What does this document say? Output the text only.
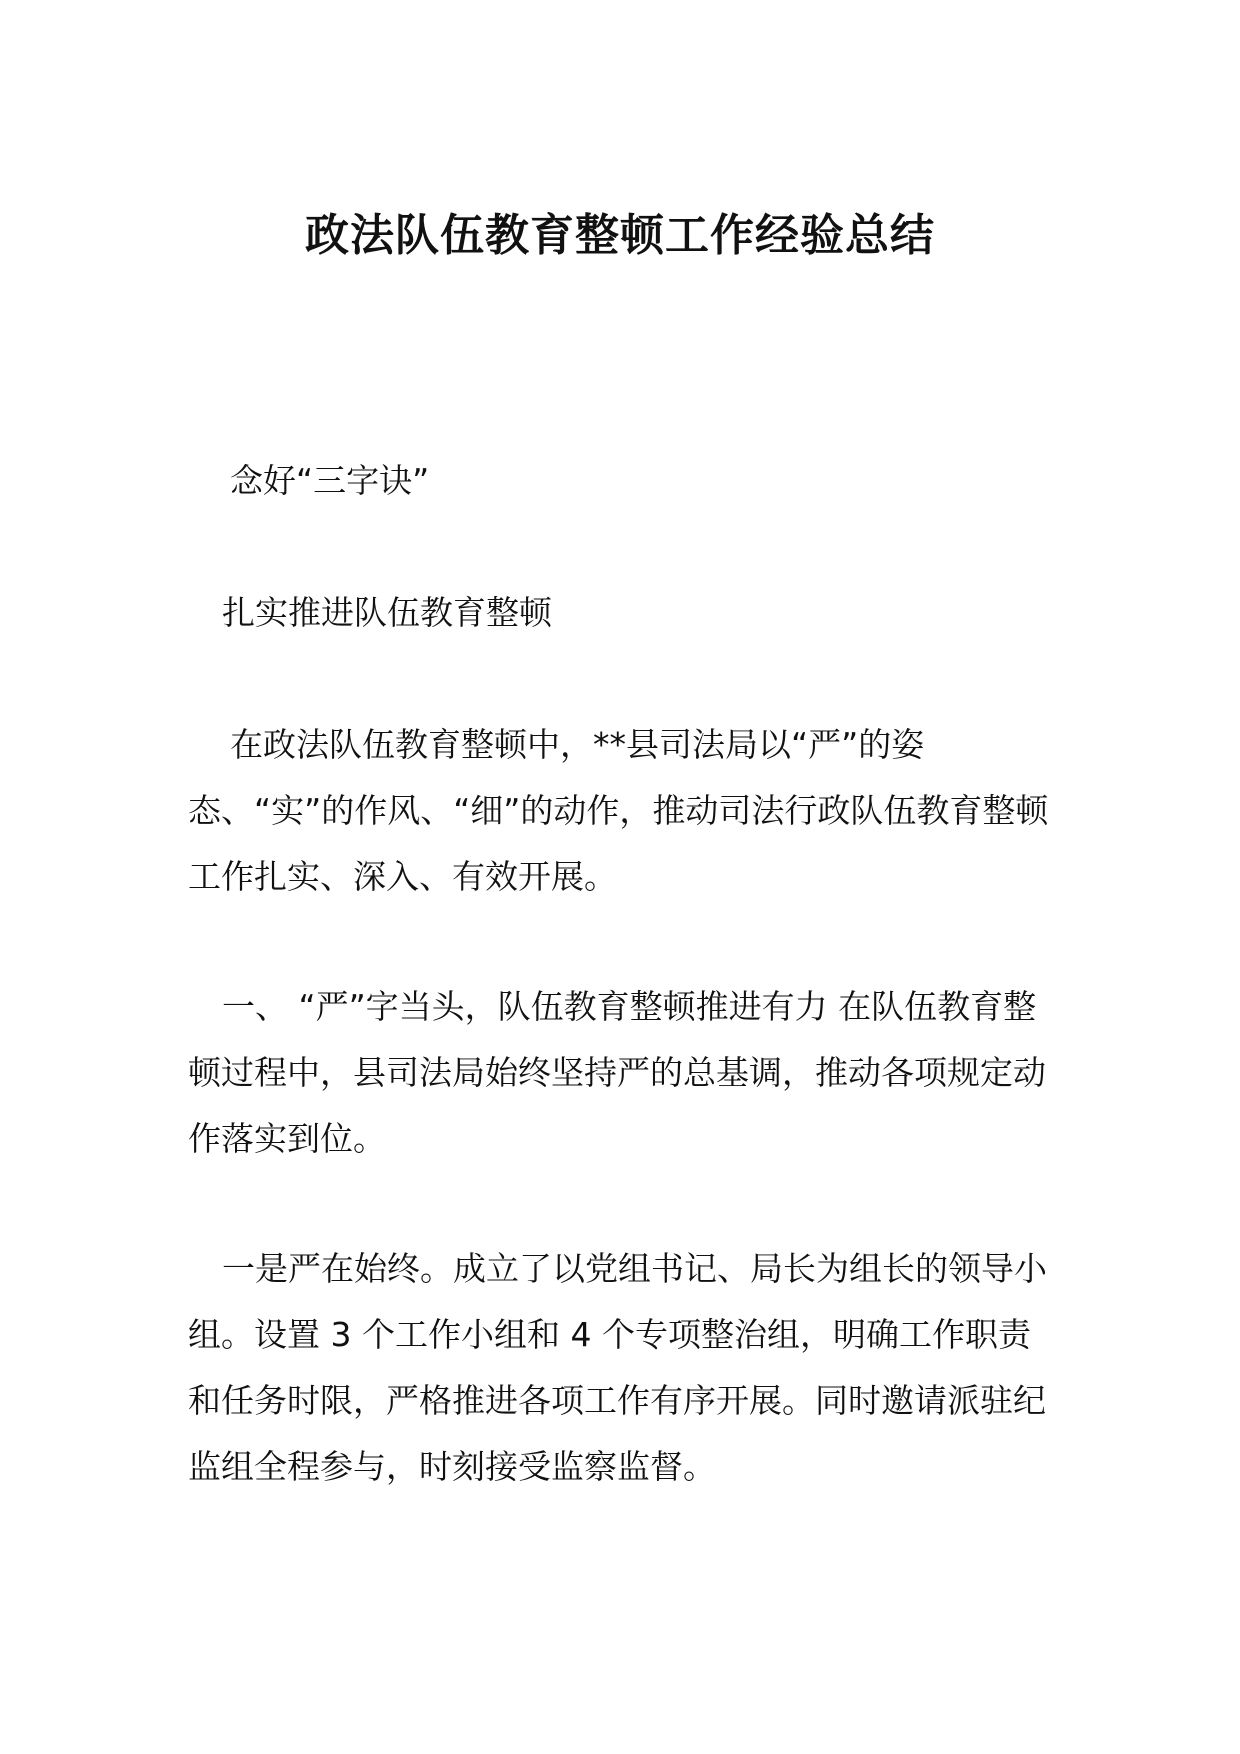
政法队伍教育整顿工作经验总结

念好“三字诀”

扎实推进队伍教育整顿

在政法队伍教育整顿中，**县司法局以“严”的姿态、“实”的作风、“细”的动作，推动司法行政队伍教育整顿工作扎实、深入、有效开展。

一、 “严”字当头，队伍教育整顿推进有力 在队伍教育整顿过程中，县司法局始终坚持严的总基调，推动各项规定动作落实到位。

一是严在始终。成立了以党组书记、局长为组长的领导小组。设置 3 个工作小组和 4 个专项整治组，明确工作职责和任务时限，严格推进各项工作有序开展。同时邀请派驻纪监组全程参与，时刻接受监察监督。
